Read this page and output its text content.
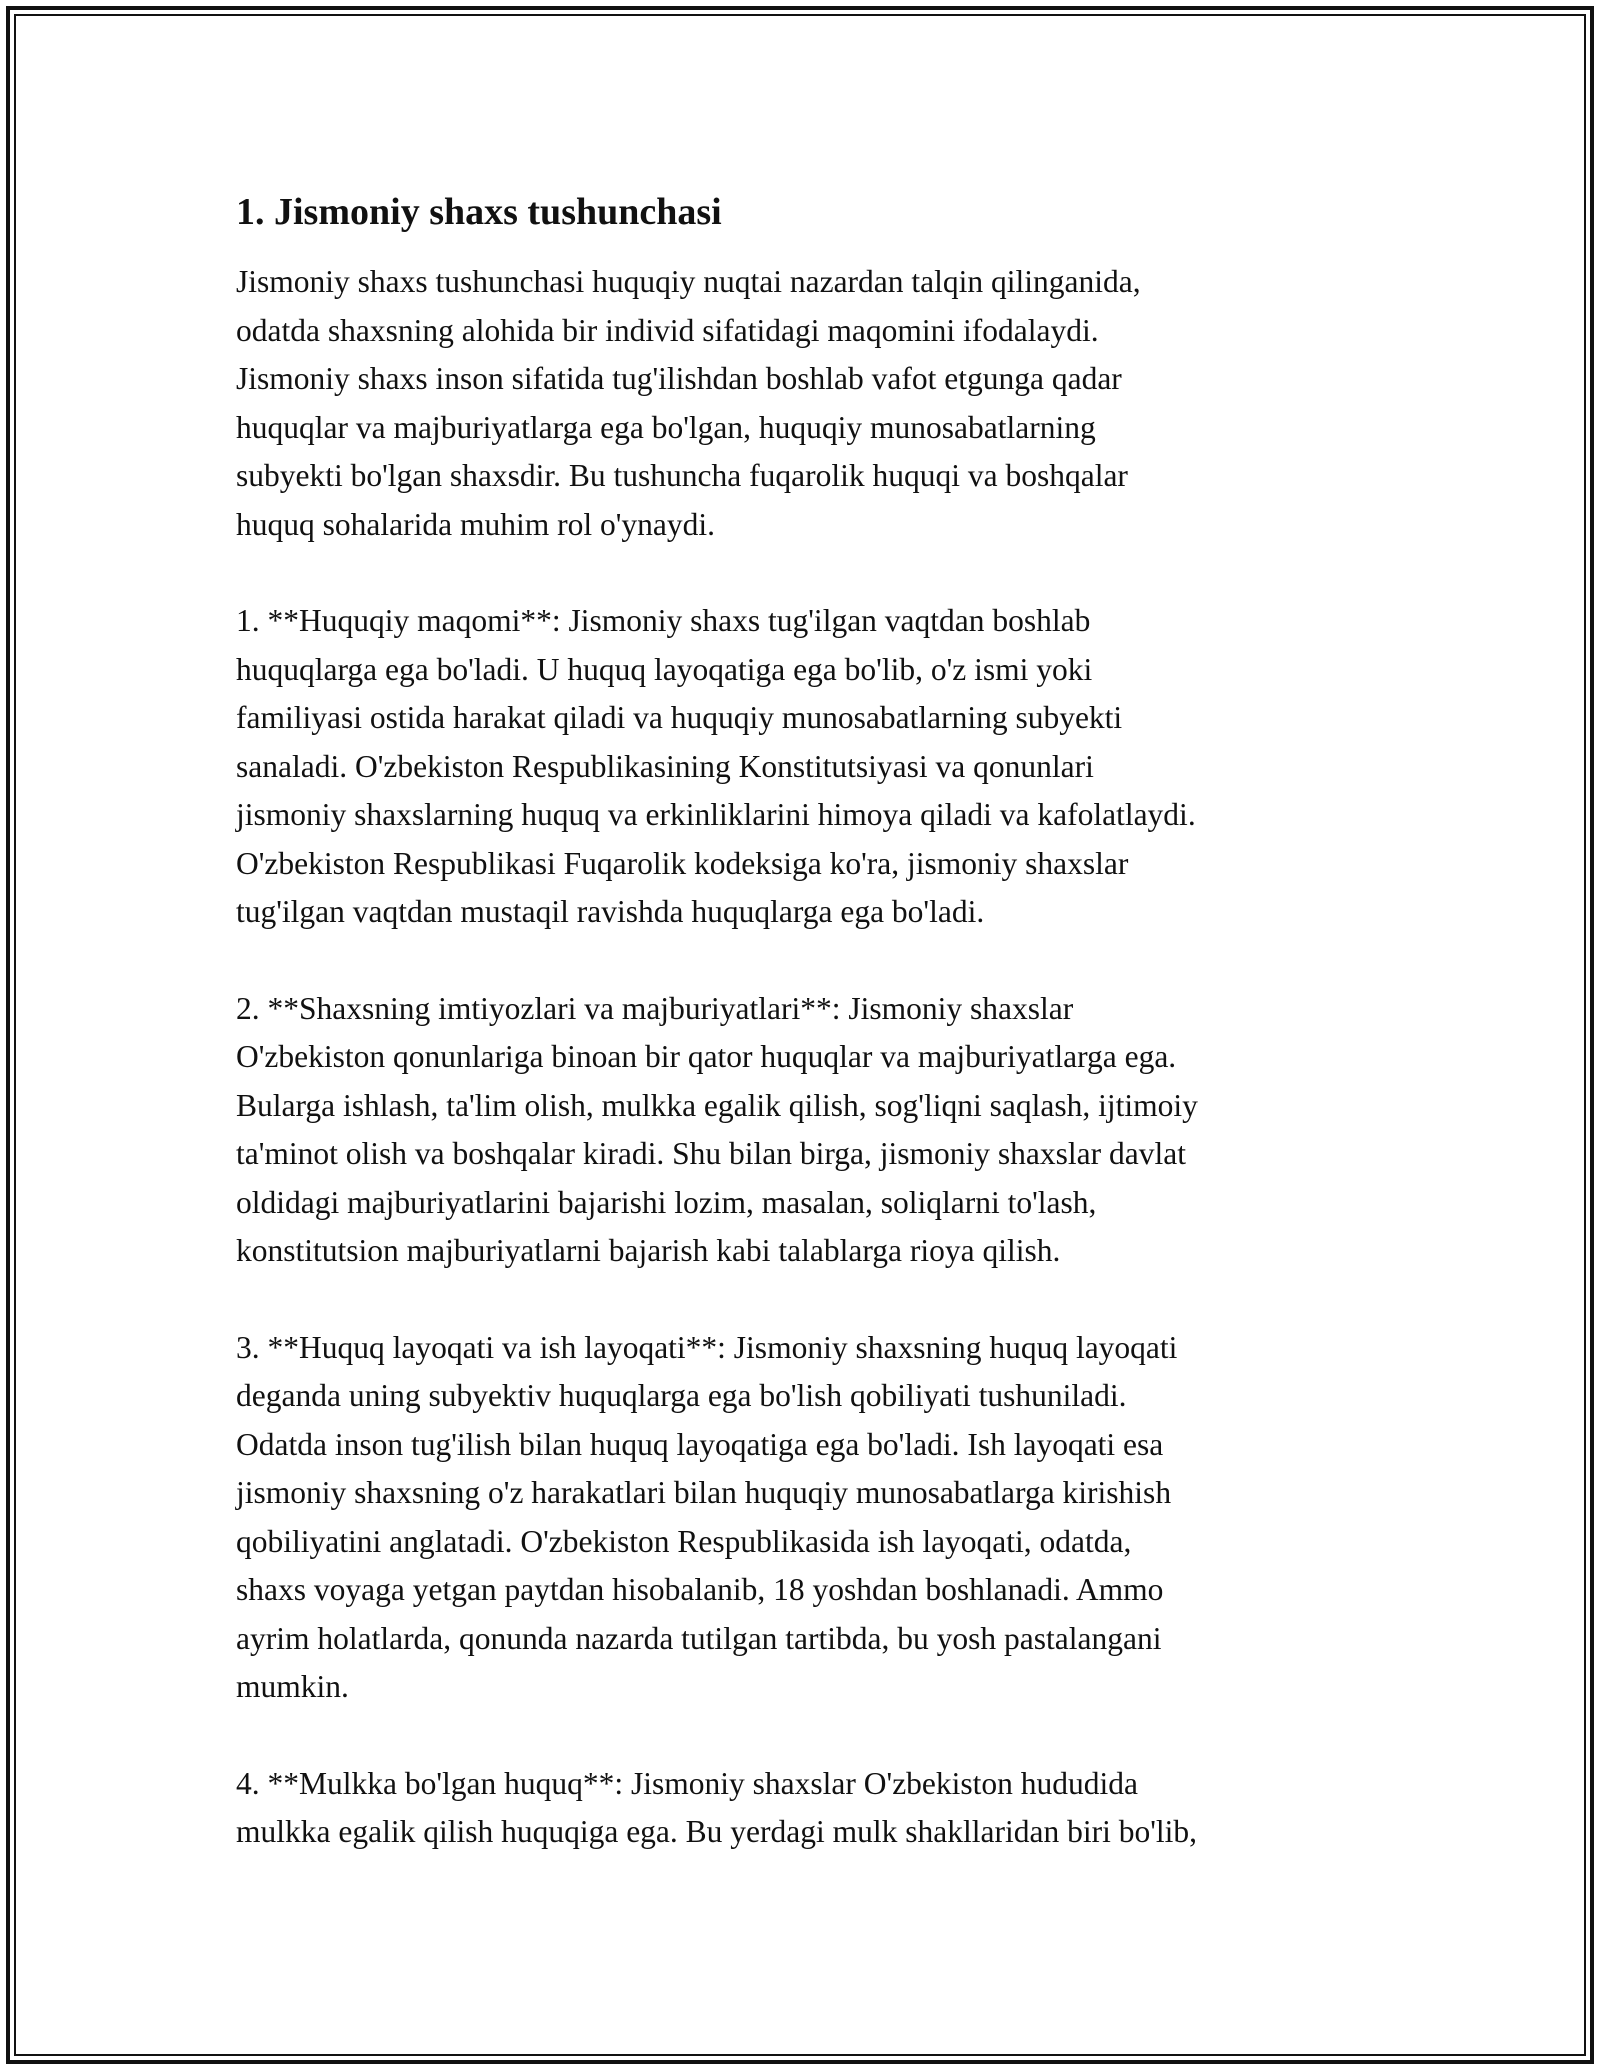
1. Jismoniy shaxs tushunchasi

Jismoniy shaxs tushunchasi huquqiy nuqtai nazardan talqin qilinganida,
odatda shaxsning alohida bir individ sifatidagi maqomini ifodalaydi.
Jismoniy shaxs inson sifatida tug'ilishdan boshlab vafot etgunga qadar
huquqlar va majburiyatlarga ega bo'lgan, huquqiy munosabatlarning
subyekti bo'lgan shaxsdir. Bu tushuncha fuqarolik huquqi va boshqalar
huquq sohalarida muhim rol o'ynaydi.

1. **Huquqiy maqomi**: Jismoniy shaxs tug'ilgan vaqtdan boshlab
huquqlarga ega bo'ladi. U huquq layoqatiga ega bo'lib, o'z ismi yoki
familiyasi ostida harakat qiladi va huquqiy munosabatlarning subyekti
sanaladi. O'zbekiston Respublikasining Konstitutsiyasi va qonunlari
jismoniy shaxslarning huquq va erkinliklarini himoya qiladi va kafolatlaydi.
O'zbekiston Respublikasi Fuqarolik kodeksiga ko'ra, jismoniy shaxslar
tug'ilgan vaqtdan mustaqil ravishda huquqlarga ega bo'ladi.

2. **Shaxsning imtiyozlari va majburiyatlari**: Jismoniy shaxslar
O'zbekiston qonunlariga binoan bir qator huquqlar va majburiyatlarga ega.
Bularga ishlash, ta'lim olish, mulkka egalik qilish, sog'liqni saqlash, ijtimoiy
ta'minot olish va boshqalar kiradi. Shu bilan birga, jismoniy shaxslar davlat
oldidagi majburiyatlarini bajarishi lozim, masalan, soliqlarni to'lash,
konstitutsion majburiyatlarni bajarish kabi talablarga rioya qilish.

3. **Huquq layoqati va ish layoqati**: Jismoniy shaxsning huquq layoqati
deganda uning subyektiv huquqlarga ega bo'lish qobiliyati tushuniladi.
Odatda inson tug'ilish bilan huquq layoqatiga ega bo'ladi. Ish layoqati esa
jismoniy shaxsning o'z harakatlari bilan huquqiy munosabatlarga kirishish
qobiliyatini anglatadi. O'zbekiston Respublikasida ish layoqati, odatda,
shaxs voyaga yetgan paytdan hisobalanib, 18 yoshdan boshlanadi. Ammo
ayrim holatlarda, qonunda nazarda tutilgan tartibda, bu yosh pastalangani
mumkin.

4. **Mulkka bo'lgan huquq**: Jismoniy shaxslar O'zbekiston hududida
mulkka egalik qilish huquqiga ega. Bu yerdagi mulk shakllaridan biri bo'lib,
